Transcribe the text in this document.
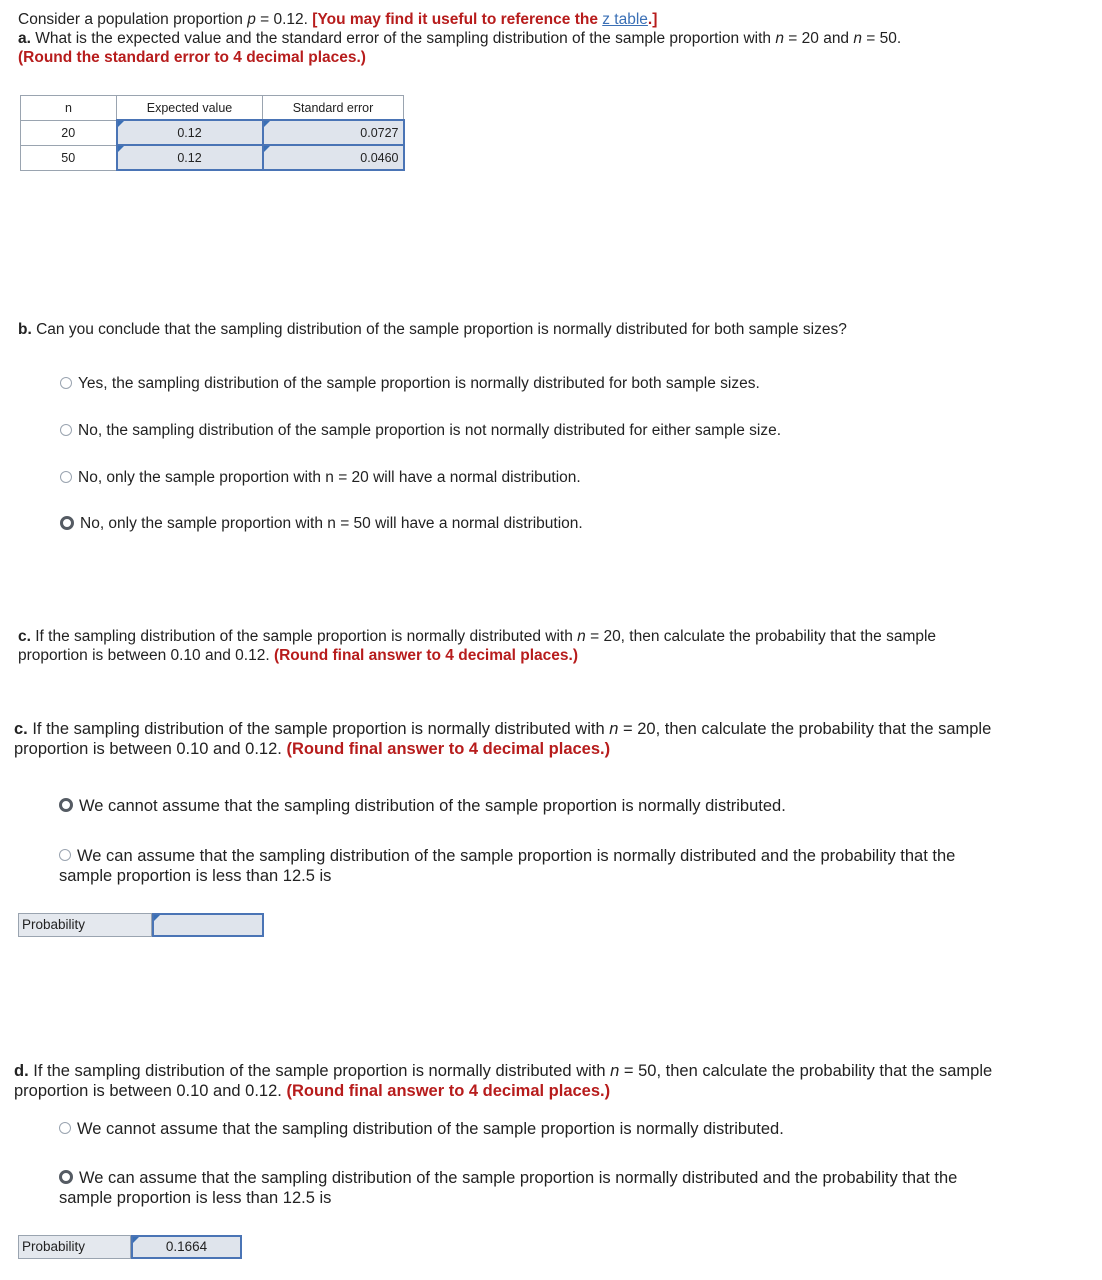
Consider a population proportion p = 0.12. [You may find it useful to reference the z table.]
a. What is the expected value and the standard error of the sampling distribution of the sample proportion with n = 20 and n = 50.
(Round the standard error to 4 decimal places.)
n	Expected value	Standard error
20	0.12	0.0727
50	0.12	0.0460
b. Can you conclude that the sampling distribution of the sample proportion is normally distributed for both sample sizes?
Yes, the sampling distribution of the sample proportion is normally distributed for both sample sizes.
No, the sampling distribution of the sample proportion is not normally distributed for either sample size.
No, only the sample proportion with n = 20 will have a normal distribution.
No, only the sample proportion with n = 50 will have a normal distribution.
c. If the sampling distribution of the sample proportion is normally distributed with n = 20, then calculate the probability that the sample
proportion is between 0.10 and 0.12. (Round final answer to 4 decimal places.)
c. If the sampling distribution of the sample proportion is normally distributed with n = 20, then calculate the probability that the sample
proportion is between 0.10 and 0.12. (Round final answer to 4 decimal places.)
We cannot assume that the sampling distribution of the sample proportion is normally distributed.
We can assume that the sampling distribution of the sample proportion is normally distributed and the probability that the
sample proportion is less than 12.5 is
Probability
d. If the sampling distribution of the sample proportion is normally distributed with n = 50, then calculate the probability that the sample
proportion is between 0.10 and 0.12. (Round final answer to 4 decimal places.)
We cannot assume that the sampling distribution of the sample proportion is normally distributed.
We can assume that the sampling distribution of the sample proportion is normally distributed and the probability that the
sample proportion is less than 12.5 is
Probability	0.1664
